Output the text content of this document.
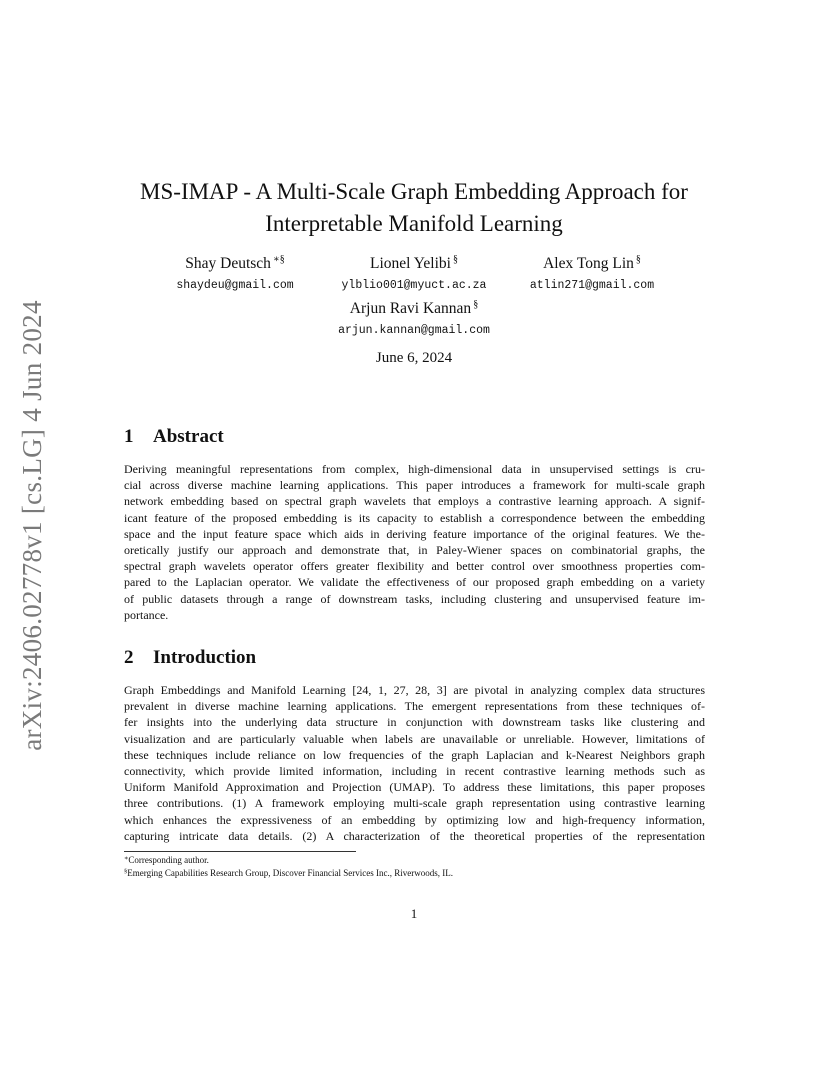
arXiv:2406.02778v1 [cs.LG] 4 Jun 2024
MS-IMAP - A Multi-Scale Graph Embedding Approach for
Interpretable Manifold Learning
Shay Deutsch ∗§
shaydeu@gmail.com
Lionel Yelibi §
ylblio001@myuct.ac.za
Alex Tong Lin §
atlin271@gmail.com
Arjun Ravi Kannan §
arjun.kannan@gmail.com
June 6, 2024
1 Abstract

Deriving meaningful representations from complex, high-dimensional data in unsupervised settings is cru-
cial across diverse machine learning applications. This paper introduces a framework for multi-scale graph
network embedding based on spectral graph wavelets that employs a contrastive learning approach. A signif-
icant feature of the proposed embedding is its capacity to establish a correspondence between the embedding
space and the input feature space which aids in deriving feature importance of the original features. We the-
oretically justify our approach and demonstrate that, in Paley-Wiener spaces on combinatorial graphs, the
spectral graph wavelets operator offers greater flexibility and better control over smoothness properties com-
pared to the Laplacian operator. We validate the effectiveness of our proposed graph embedding on a variety
of public datasets through a range of downstream tasks, including clustering and unsupervised feature im-
portance.

2 Introduction

Graph Embeddings and Manifold Learning [24, 1, 27, 28, 3] are pivotal in analyzing complex data structures
prevalent in diverse machine learning applications. The emergent representations from these techniques of-
fer insights into the underlying data structure in conjunction with downstream tasks like clustering and
visualization and are particularly valuable when labels are unavailable or unreliable. However, limitations of
these techniques include reliance on low frequencies of the graph Laplacian and k-Nearest Neighbors graph
connectivity, which provide limited information, including in recent contrastive learning methods such as
Uniform Manifold Approximation and Projection (UMAP). To address these limitations, this paper proposes
three contributions. (1) A framework employing multi-scale graph representation using contrastive learning
which enhances the expressiveness of an embedding by optimizing low and high-frequency information,
capturing intricate data details. (2) A characterization of the theoretical properties of the representation

∗Corresponding author.
§Emerging Capabilities Research Group, Discover Financial Services Inc., Riverwoods, IL.
1
